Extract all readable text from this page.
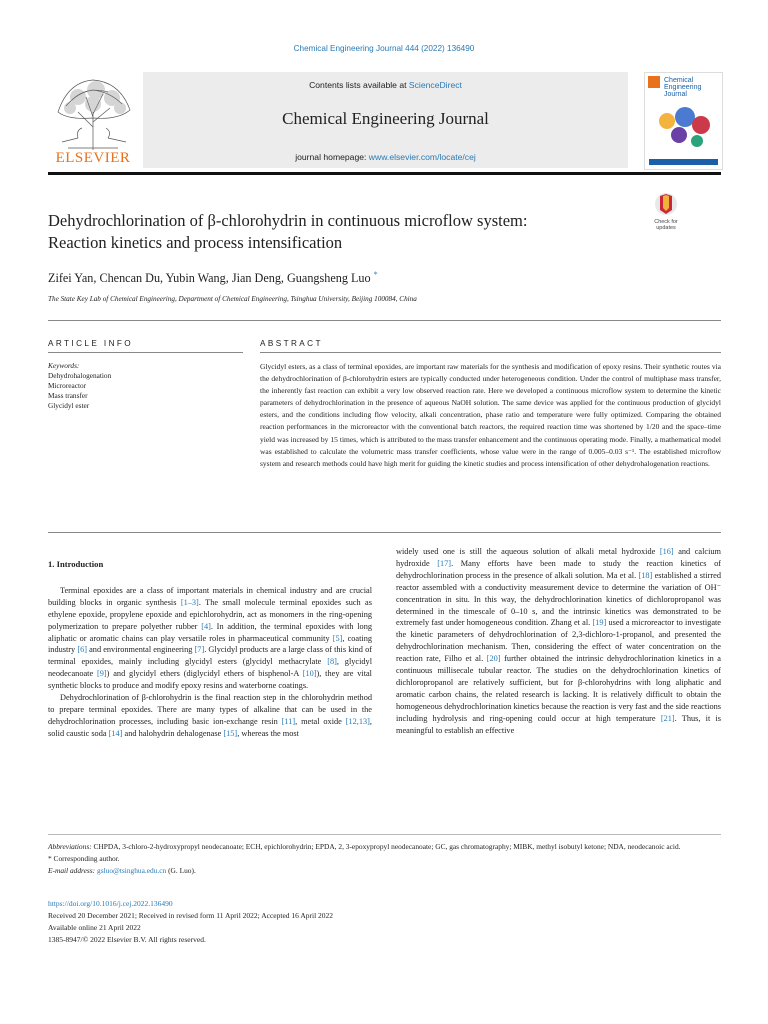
Chemical Engineering Journal 444 (2022) 136490
ELSEVIER
Contents lists available at ScienceDirect
Chemical Engineering Journal
journal homepage: www.elsevier.com/locate/cej
Chemical
Engineering
Journal
Dehydrochlorination of β-chlorohydrin in continuous microflow system:
Reaction kinetics and process intensification
Check for
updates
Zifei Yan, Chencan Du, Yubin Wang, Jian Deng, Guangsheng Luo *
The State Key Lab of Chemical Engineering, Department of Chemical Engineering, Tsinghua University, Beijing 100084, China
ARTICLE INFO	ABSTRACT
Keywords:
Dehydrohalogenation
Microreactor
Mass transfer
Glycidyl ester
Glycidyl esters, as a class of terminal epoxides, are important raw materials for the synthesis and modification of epoxy resins. Their synthetic routes via the dehydrochlorination of β-chlorohydrin esters are typically conducted under heterogeneous condition. Under the control of multiphase mass transfer, the inherently fast reaction can exhibit a very low observed reaction rate. Here we developed a continuous microflow system to determine the kinetic parameters of dehydrochlorination in the presence of aqueous NaOH solution. The same device was applied for the continuous production of glycidyl esters, and the conditions including flow velocity, alkali concentration, phase ratio and temperature were fully optimized. Comparing the obtained reaction performances in the microreactor with the conventional batch reactors, the required reaction time was shortened by 1/20 and the space–time yield was increased by 15 times, which is attributed to the mass transfer enhancement and the continuous operating mode. Finally, a mathematical model was established to calculate the volumetric mass transfer coefficients, whose value were in the range of 0.005–0.03 s⁻¹. The established microflow system and research methods could have high merit for guiding the kinetic studies and process intensification of other dehydrohalogenation reactions.

1. Introduction

Terminal epoxides are a class of important materials in chemical industry and are crucial building blocks in organic synthesis [1–3]. The small molecule terminal epoxides such as ethylene epoxide, propylene epoxide and epichlorohydrin, act as monomers in the ring-opening polymerization to prepare polyether rubber [4]. In addition, the terminal epoxides with long aliphatic or aromatic chains can play versatile roles in pharmaceutical community [5], coating industry [6] and environmental engineering [7]. Glycidyl products are a large class of this kind of terminal epoxides, mainly including glycidyl esters (glycidyl methacrylate [8], glycidyl neodecanoate [9]) and glycidyl ethers (diglycidyl ethers of bisphenol-A [10]), they are vital synthetic blocks to produce and modify epoxy resins and waterborne coatings.

Dehydrochlorination of β-chlorohydrin is the final reaction step in the chlorohydrin method to prepare terminal epoxides. There are many types of alkaline that can be used in the dehydrochlorination processes, including basic ion-exchange resin [11], metal oxide [12,13], solid caustic soda [14] and halohydrin dehalogenase [15], whereas the most

widely used one is still the aqueous solution of alkali metal hydroxide [16] and calcium hydroxide [17]. Many efforts have been made to study the reaction kinetics of dehydrochlorination process in the presence of alkali solution. Ma et al. [18] established a stirred reactor assembled with a conductivity measurement device to determine the variation of OH⁻ concentration in situ. In this way, the dehydrochlorination kinetics of dichloropropanol was determined in the timescale of 0–10 s, and the intrinsic kinetics was demonstrated to be extremely fast under homogeneous condition. Zhang et al. [19] used a microreactor to investigate the kinetic parameters of dehydrochlorination of 2,3-dichloro-1-propanol, and presented the dehydrochlorination mechanism. Then, considering the effect of water concentration on the reaction rate, Filho et al. [20] further obtained the intrinsic dehydrochlorination kinetics in a continuous millisecale tubular reactor. The studies on the dehydrochlorination kinetics of dichloropropanol are relatively sufficient, but for β-chlorohydrins with long aliphatic and aromatic carbon chains, the related research is lacking. It is relatively difficult to obtain the homogeneous dehydrochlorination kinetics because the reaction is very fast and the side reactions including hydrolysis and ring-opening could occur at high temperature [21]. Thus, it is meaningful to establish an effective

Abbreviations: CHPDA, 3-chloro-2-hydroxypropyl neodecanoate; ECH, epichlorohydrin; EPDA, 2, 3-epoxypropyl neodecanoate; GC, gas chromatography; MIBK, methyl isobutyl ketone; NDA, neodecanoic acid.
* Corresponding author.
E-mail address: gsluo@tsinghua.edu.cn (G. Luo).
https://doi.org/10.1016/j.cej.2022.136490
Received 20 December 2021; Received in revised form 11 April 2022; Accepted 16 April 2022
Available online 21 April 2022
1385-8947/© 2022 Elsevier B.V. All rights reserved.
